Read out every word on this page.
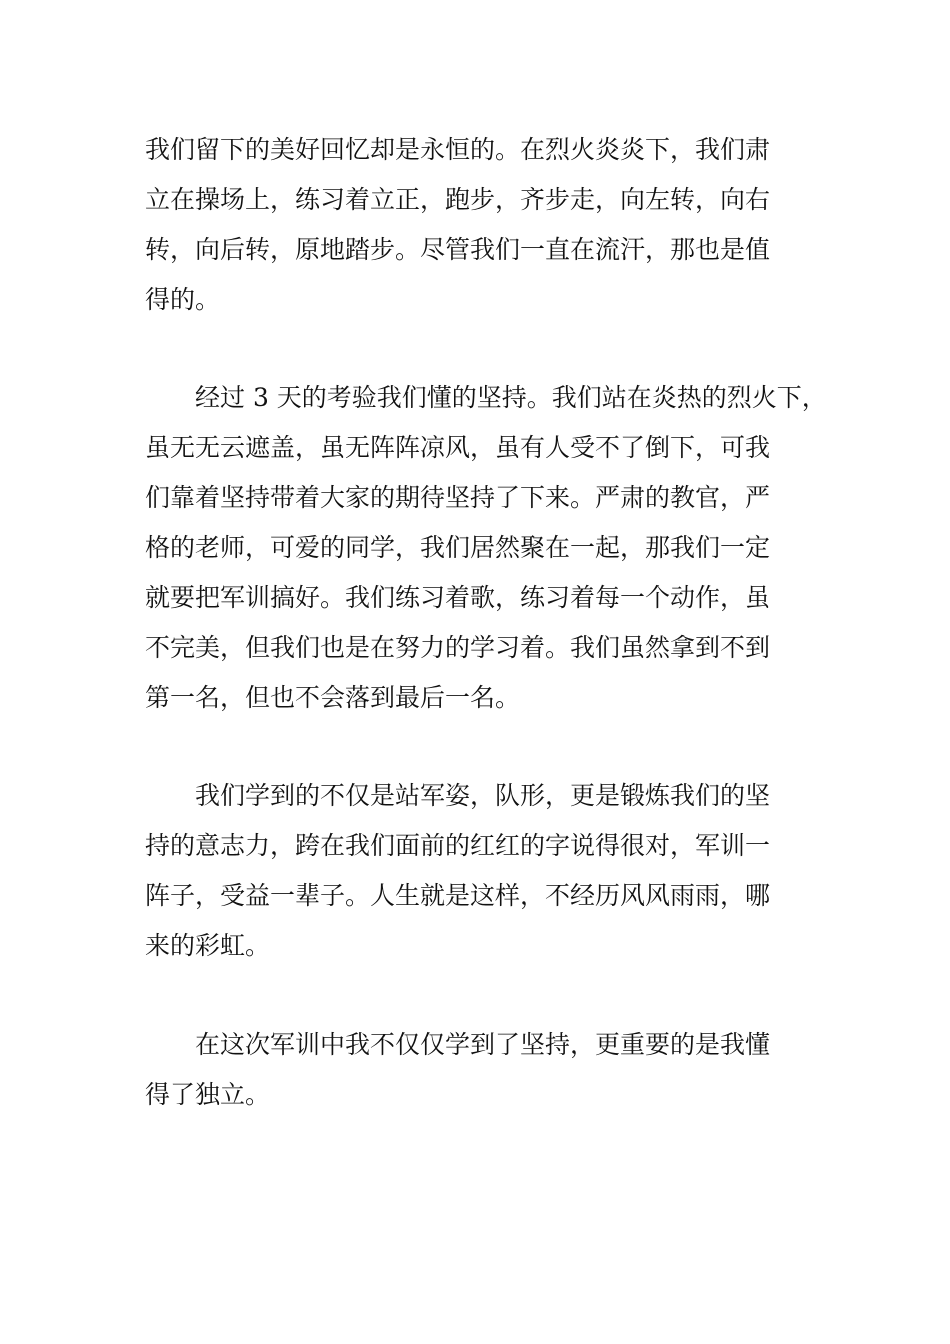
我们留下的美好回忆却是永恒的。在烈火炎炎下，我们肃
立在操场上，练习着立正，跑步，齐步走，向左转，向右
转，向后转，原地踏步。尽管我们一直在流汗，那也是值
得的。
经过 3 天的考验我们懂的坚持。我们站在炎热的烈火下，
虽无无云遮盖，虽无阵阵凉风，虽有人受不了倒下，可我
们靠着坚持带着大家的期待坚持了下来。严肃的教官，严
格的老师，可爱的同学，我们居然聚在一起，那我们一定
就要把军训搞好。我们练习着歌，练习着每一个动作，虽
不完美，但我们也是在努力的学习着。我们虽然拿到不到
第一名，但也不会落到最后一名。
我们学到的不仅是站军姿，队形，更是锻炼我们的坚
持的意志力，跨在我们面前的红红的字说得很对，军训一
阵子，受益一辈子。人生就是这样，不经历风风雨雨，哪
来的彩虹。
在这次军训中我不仅仅学到了坚持，更重要的是我懂
得了独立。
